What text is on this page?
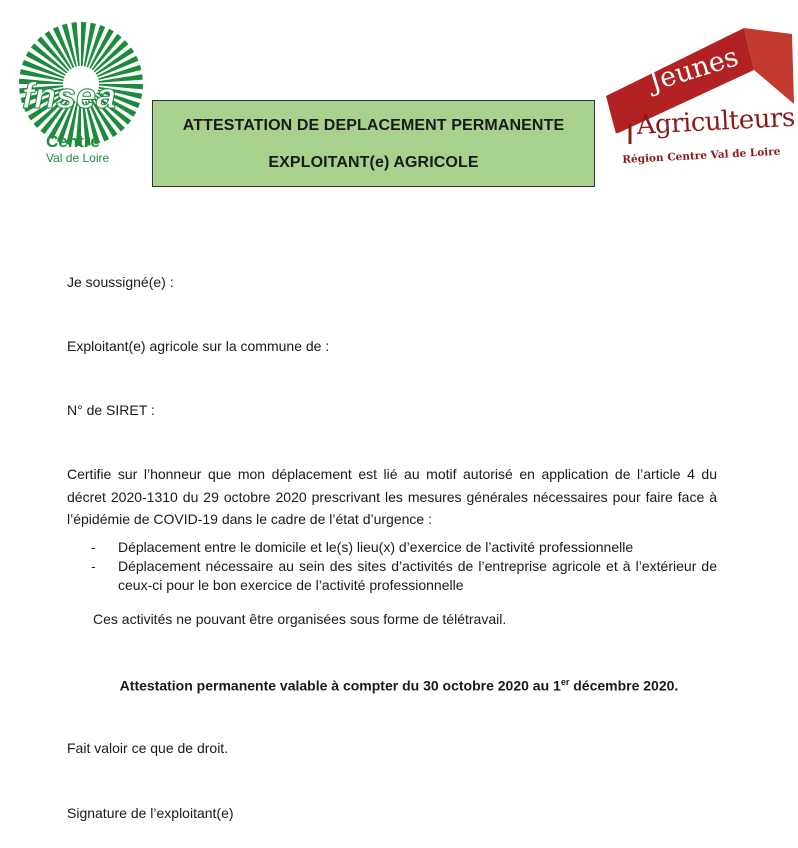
fnsea
Centre
Val de Loire
ATTESTATION DE DEPLACEMENT PERMANENTE
EXPLOITANT(e) AGRICOLE
Jeunes
Agriculteurs
Région Centre Val de Loire
Je soussigné(e) :
Exploitant(e) agricole sur la commune de :
N° de SIRET :
Certifie sur l’honneur que mon déplacement est lié au motif autorisé en application de l’article 4 du décret 2020-1310 du 29 octobre 2020 prescrivant les mesures générales nécessaires pour faire face à l’épidémie de COVID-19 dans le cadre de l’état d’urgence :
- Déplacement entre le domicile et le(s) lieu(x) d’exercice de l’activité professionnelle
- Déplacement nécessaire au sein des sites d’activités de l’entreprise agricole et à l’extérieur de ceux-ci pour le bon exercice de l’activité professionnelle
Ces activités ne pouvant être organisées sous forme de télétravail.
Attestation permanente valable à compter du 30 octobre 2020 au 1er décembre 2020.
Fait valoir ce que de droit.
Signature de l’exploitant(e)
